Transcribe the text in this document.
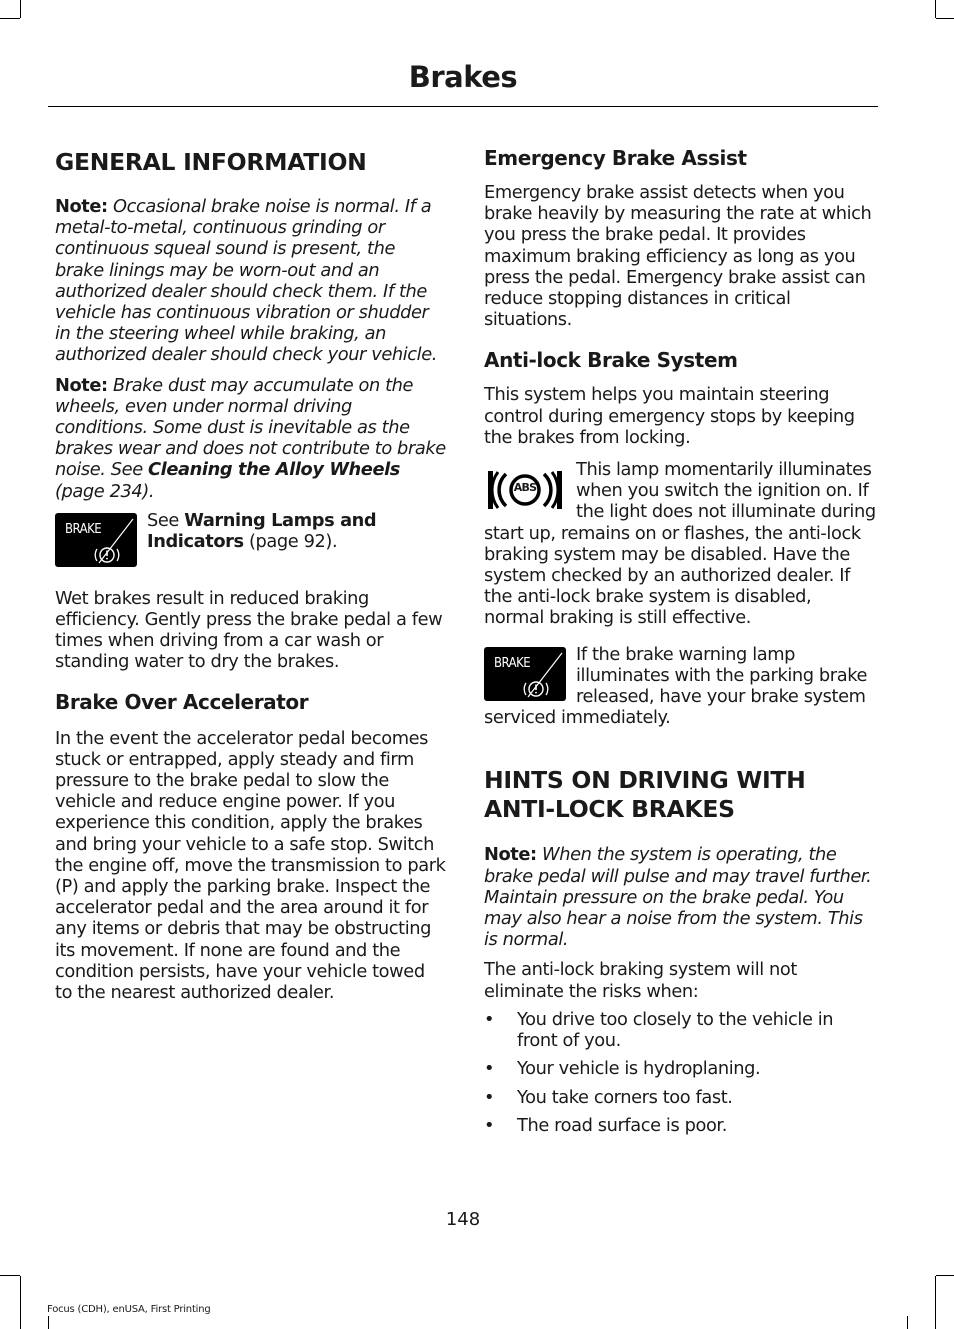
Brakes
GENERAL INFORMATION

Note: Occasional brake noise is normal. If a metal-to-metal, continuous grinding or continuous squeal sound is present, the brake linings may be worn-out and an authorized dealer should check them. If the vehicle has continuous vibration or shudder in the steering wheel while braking, an authorized dealer should check your vehicle.

Note: Brake dust may accumulate on the wheels, even under normal driving conditions. Some dust is inevitable as the brakes wear and does not contribute to brake noise. See Cleaning the Alloy Wheels (page 234).

BRAKE	See Warning Lamps and Indicators (page 92).

Wet brakes result in reduced braking efficiency. Gently press the brake pedal a few times when driving from a car wash or standing water to dry the brakes.

Brake Over Accelerator

In the event the accelerator pedal becomes stuck or entrapped, apply steady and firm pressure to the brake pedal to slow the vehicle and reduce engine power. If you experience this condition, apply the brakes and bring your vehicle to a safe stop. Switch the engine off, move the transmission to park (P) and apply the parking brake. Inspect the accelerator pedal and the area around it for any items or debris that may be obstructing its movement. If none are found and the condition persists, have your vehicle towed to the nearest authorized dealer.

Emergency Brake Assist

Emergency brake assist detects when you brake heavily by measuring the rate at which you press the brake pedal. It provides maximum braking efficiency as long as you press the pedal. Emergency brake assist can reduce stopping distances in critical situations.

Anti-lock Brake System

This system helps you maintain steering control during emergency stops by keeping the brakes from locking.

ABS

This lamp momentarily illuminates when you switch the ignition on. If the light does not illuminate during start up, remains on or flashes, the anti-lock braking system may be disabled. Have the system checked by an authorized dealer. If the anti-lock brake system is disabled, normal braking is still effective.

BRAKE	If the brake warning lamp illuminates with the parking brake released, have your brake system serviced immediately.

HINTS ON DRIVING WITH
ANTI-LOCK BRAKES

Note: When the system is operating, the brake pedal will pulse and may travel further. Maintain pressure on the brake pedal. You may also hear a noise from the system. This is normal.

The anti-lock braking system will not eliminate the risks when:

• You drive too closely to the vehicle in front of you.
• Your vehicle is hydroplaning.
• You take corners too fast.
• The road surface is poor.
148
Focus (CDH), enUSA, First Printing
